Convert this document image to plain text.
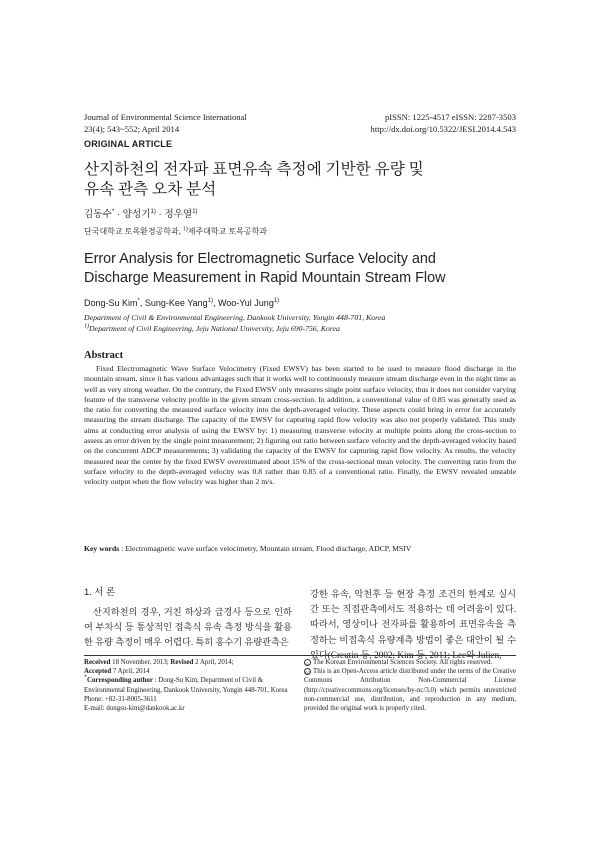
Journal of Environmental Science International
23(4); 543~552; April 2014
pISSN: 1225-4517 eISSN: 2287-3503
http://dx.doi.org/10.5322/JESI.2014.4.543
ORIGINAL ARTICLE
산지하천의 전자파 표면유속 측정에 기반한 유량 및
유속 관측 오차 분석
김동수* · 양성기$^{1)}$ · 정우열$^{1)}$
단국대학교 토목환경공학과, $^{1)}$제주대학교 토목공학과
Error Analysis for Electromagnetic Surface Velocity and
Discharge Measurement in Rapid Mountain Stream Flow
Dong-Su Kim*, Sung-Kee Yang$^{1)}$, Woo-Yul Jung$^{1)}$
Department of Civil & Environmental Engineering, Dankook University, Yongin 448-701, Korea
$^{1)}$Department of Civil Engineering, Jeju National University, Jeju 690-756, Korea
Abstract
Fixed Electromagnetic Wave Surface Velocimetry (Fixed EWSV) has been started to be used to measure flood discharge in the mountain stream, since it has various advantages such that it works well to continuously measure stream discharge even in the night time as well as very strong weather. On the contrary, the Fixed EWSV only measures single point surface velocity, thus it does not consider varying feature of the transverse velocity profile in the given stream cross-section. In addition, a conventional value of 0.85 was generally used as the ratio for converting the measured surface velocity into the depth-averaged velocity. These aspects could bring in error for accurately measuring the stream discharge. The capacity of the EWSV for capturing rapid flow velocity was also not properly validated. This study aims at conducting error analysis of using the EWSV by: 1) measuring transverse velocity at multiple points along the cross-section to assess an error driven by the single point measurement; 2) figuring out ratio between surface velocity and the depth-averaged velocity based on the concurrent ADCP measurements; 3) validating the capacity of the EWSV for capturing rapid flow velocity. As results, the velocity measured near the center by the fixed EWSV overestimated about 15% of the cross-sectional mean velocity. The converting ratio from the surface velocity to the depth-averaged velocity was 0.8 rather than 0.85 of a conventional ratio. Finally, the EWSV revealed unstable velocity output when the flow velocity was higher than 2 m/s.
Key words : Electromagnetic wave surface velocimetry, Mountain stream, Flood discharge, ADCP, MSIV
1. 서 론
산지하천의 경우, 거친 하상과 급경사 등으로 인하여 부차식 등 통상적인 접촉식 유속 측정 방식을 활용한 유량 측정이 매우 어렵다. 특히 홍수기 유량관측은
강한 유속, 악천후 등 현장 측정 조건의 한계로 실시간 또는 직접관측에서도 적용하는 데 어려움이 있다. 따라서, 영상이나 전자파를 활용하여 표면유속을 측정하는 비접촉식 유량계측 방법이 좋은 대안이 될 수 있다(Creutin 등, 2002; Kim 등, 2011; Lee와 Julien,
Received 18 November, 2013; Revised 2 April, 2014;
Accepted 7 April, 2014
*Corresponding author : Dong-Su Kim, Department of Civil & Environmental Engineering, Dankook University, Yongin 448-701, Korea
Phone: +82-31-8005-3611
E-mail: dongsu-kim@dankook.ac.kr
c The Korean Environmental Sciences Society. All rights reserved.
cc This is an Open-Access article distributed under the terms of the Creative Commons Attribution Non-Commercial License (http://creativecommons.org/licenses/by-nc/3.0) which permits unrestricted non-commercial use, distribution, and reproduction in any medium, provided the original work is properly cited.
